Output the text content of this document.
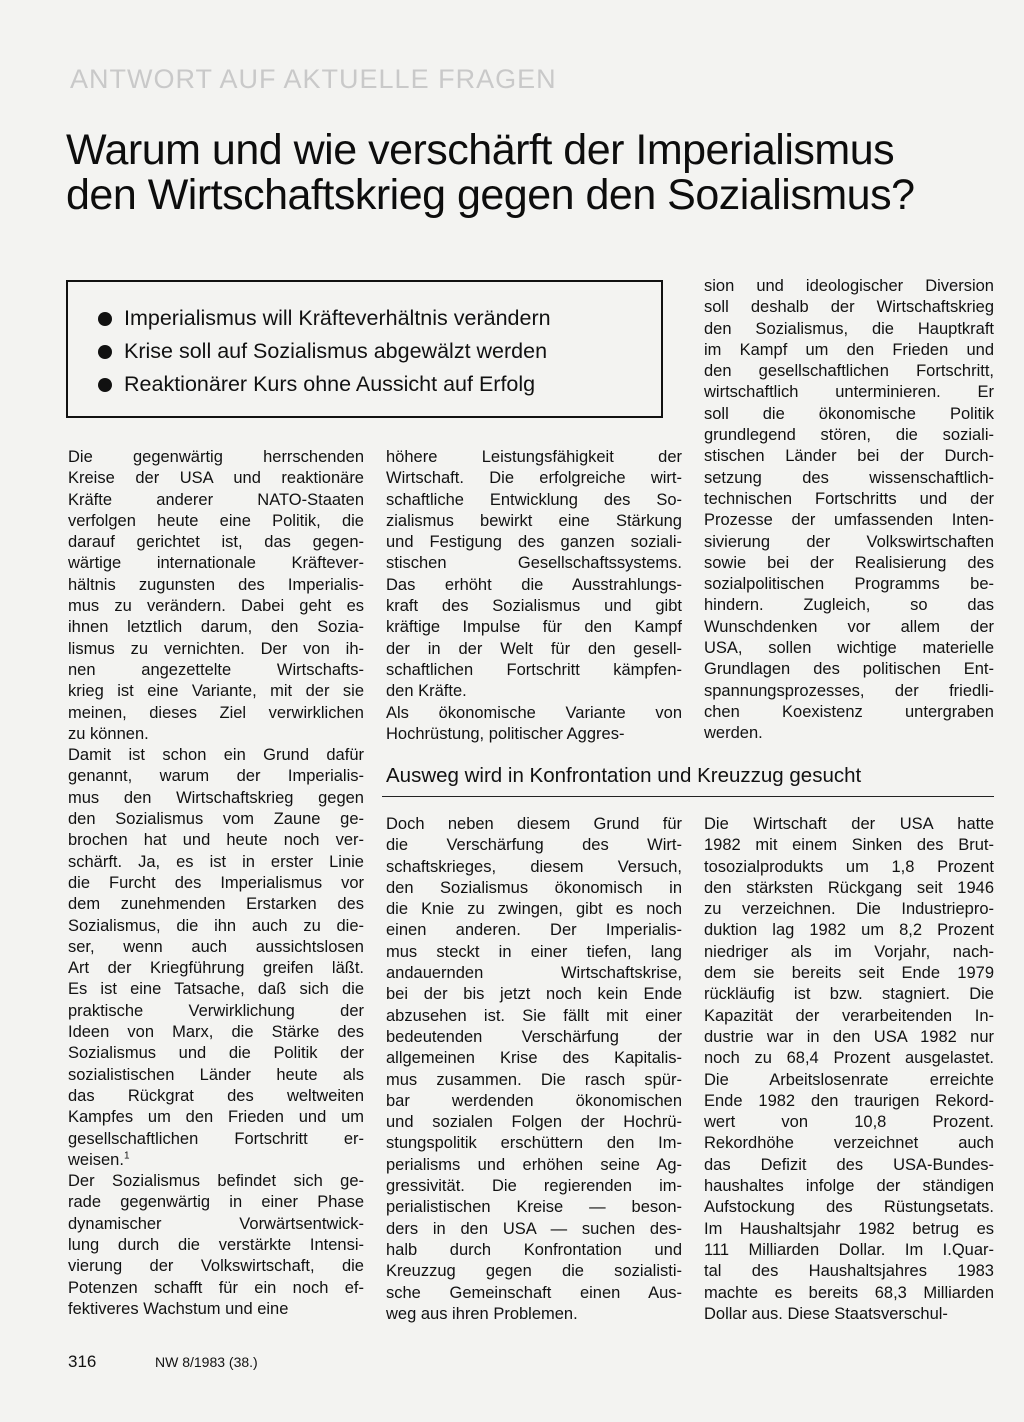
ANTWORT AUF AKTUELLE FRAGEN
Warum und wie verschärft der Imperialismus
den Wirtschaftskrieg gegen den Sozialismus?
Imperialismus will Kräfteverhältnis verändern
Krise soll auf Sozialismus abgewälzt werden
Reaktionärer Kurs ohne Aussicht auf Erfolg
Die gegenwärtig herrschenden
Kreise der USA und reaktionäre
Kräfte anderer NATO-Staaten
verfolgen heute eine Politik, die
darauf gerichtet ist, das gegen-
wärtige internationale Kräftever-
hältnis zugunsten des Imperialis-
mus zu verändern. Dabei geht es
ihnen letztlich darum, den Sozia-
lismus zu vernichten. Der von ih-
nen angezettelte Wirtschafts-
krieg ist eine Variante, mit der sie
meinen, dieses Ziel verwirklichen
zu können.
Damit ist schon ein Grund dafür
genannt, warum der Imperialis-
mus den Wirtschaftskrieg gegen
den Sozialismus vom Zaune ge-
brochen hat und heute noch ver-
schärft. Ja, es ist in erster Linie
die Furcht des Imperialismus vor
dem zunehmenden Erstarken des
Sozialismus, die ihn auch zu die-
ser, wenn auch aussichtslosen
Art der Kriegführung greifen läßt.
Es ist eine Tatsache, daß sich die
praktische Verwirklichung der
Ideen von Marx, die Stärke des
Sozialismus und die Politik der
sozialistischen Länder heute als
das Rückgrat des weltweiten
Kampfes um den Frieden und um
gesellschaftlichen Fortschritt er-
weisen.$^1$
Der Sozialismus befindet sich ge-
rade gegenwärtig in einer Phase
dynamischer Vorwärtsentwick-
lung durch die verstärkte Intensi-
vierung der Volkswirtschaft, die
Potenzen schafft für ein noch ef-
fektiveres Wachstum und eine
höhere Leistungsfähigkeit der
Wirtschaft. Die erfolgreiche wirt-
schaftliche Entwicklung des So-
zialismus bewirkt eine Stärkung
und Festigung des ganzen soziali-
stischen Gesellschaftssystems.
Das erhöht die Ausstrahlungs-
kraft des Sozialismus und gibt
kräftige Impulse für den Kampf
der in der Welt für den gesell-
schaftlichen Fortschritt kämpfen-
den Kräfte.
Als ökonomische Variante von
Hochrüstung, politischer Aggres-
sion und ideologischer Diversion
soll deshalb der Wirtschaftskrieg
den Sozialismus, die Hauptkraft
im Kampf um den Frieden und
den gesellschaftlichen Fortschritt,
wirtschaftlich unterminieren. Er
soll die ökonomische Politik
grundlegend stören, die soziali-
stischen Länder bei der Durch-
setzung des wissenschaftlich-
technischen Fortschritts und der
Prozesse der umfassenden Inten-
sivierung der Volkswirtschaften
sowie bei der Realisierung des
sozialpolitischen Programms be-
hindern. Zugleich, so das
Wunschdenken vor allem der
USA, sollen wichtige materielle
Grundlagen des politischen Ent-
spannungsprozesses, der friedli-
chen Koexistenz untergraben
werden.
Ausweg wird in Konfrontation und Kreuzzug gesucht
Doch neben diesem Grund für
die Verschärfung des Wirt-
schaftskrieges, diesem Versuch,
den Sozialismus ökonomisch in
die Knie zu zwingen, gibt es noch
einen anderen. Der Imperialis-
mus steckt in einer tiefen, lang
andauernden Wirtschaftskrise,
bei der bis jetzt noch kein Ende
abzusehen ist. Sie fällt mit einer
bedeutenden Verschärfung der
allgemeinen Krise des Kapitalis-
mus zusammen. Die rasch spür-
bar werdenden ökonomischen
und sozialen Folgen der Hochrü-
stungspolitik erschüttern den Im-
perialisms und erhöhen seine Ag-
gressivität. Die regierenden im-
perialistischen Kreise — beson-
ders in den USA — suchen des-
halb durch Konfrontation und
Kreuzzug gegen die sozialisti-
sche Gemeinschaft einen Aus-
weg aus ihren Problemen.
Die Wirtschaft der USA hatte
1982 mit einem Sinken des Brut-
tosozialprodukts um 1,8 Prozent
den stärksten Rückgang seit 1946
zu verzeichnen. Die Industriepro-
duktion lag 1982 um 8,2 Prozent
niedriger als im Vorjahr, nach-
dem sie bereits seit Ende 1979
rückläufig ist bzw. stagniert. Die
Kapazität der verarbeitenden In-
dustrie war in den USA 1982 nur
noch zu 68,4 Prozent ausgelastet.
Die Arbeitslosenrate erreichte
Ende 1982 den traurigen Rekord-
wert von 10,8 Prozent.
Rekordhöhe verzeichnet auch
das Defizit des USA-Bundes-
haushaltes infolge der ständigen
Aufstockung des Rüstungsetats.
Im Haushaltsjahr 1982 betrug es
111 Milliarden Dollar. Im I.Quar-
tal des Haushaltsjahres 1983
machte es bereits 68,3 Milliarden
Dollar aus. Diese Staatsverschul-
316	NW 8/1983 (38.)
